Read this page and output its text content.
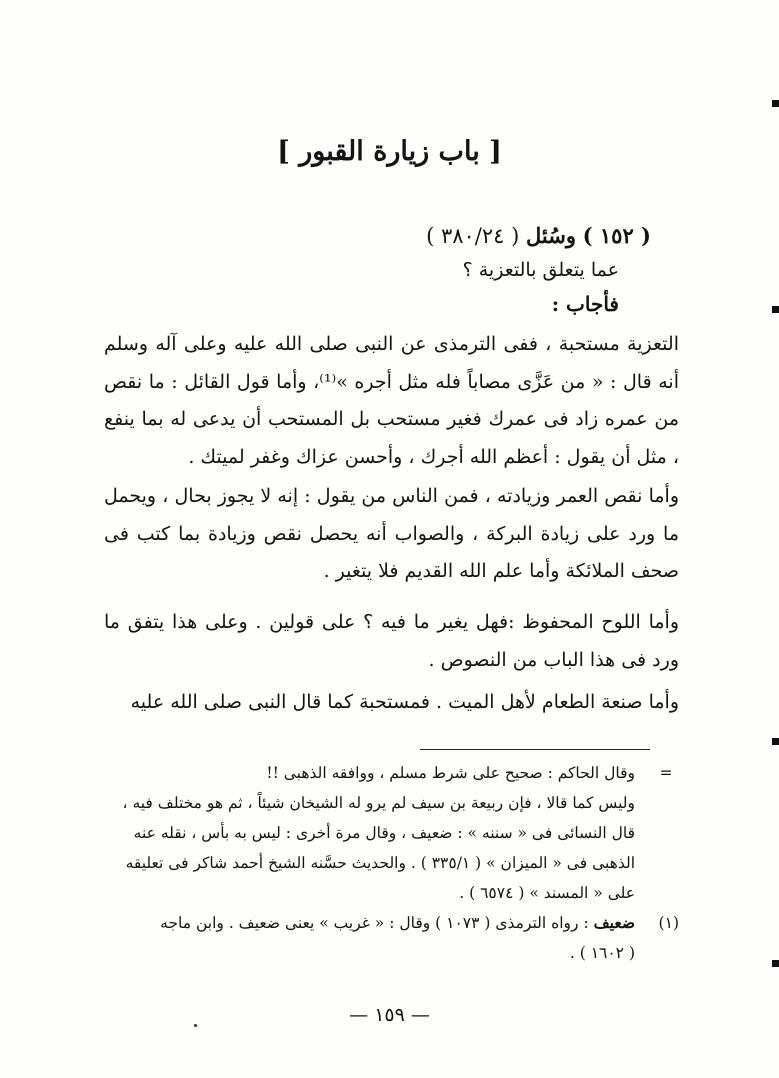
[ باب زيارة القبور ]
( ١٥٢ ) وسُئل ( ٣٨٠/٢٤ )
عما يتعلق بالتعزية ؟
فأجاب :
التعزية مستحبة ، ففى الترمذى عن النبى صلى الله عليه وعلى آله وسلم أنه قال : « من عَزَّى مصاباً فله مثل أجره »⁽¹⁾، وأما قول القائل : ما نقص من عمره زاد فى عمرك فغير مستحب بل المستحب أن يدعى له بما ينفع ، مثل أن يقول : أعظم الله أجرك ، وأحسن عزاك وغفر لميتك .
وأما نقص العمر وزيادته ، فمن الناس من يقول : إنه لا يجوز بحال ، ويحمل ما ورد على زيادة البركة ، والصواب أنه يحصل نقص وزيادة بما كتب فى صحف الملائكة وأما علم الله القديم فلا يتغير .
وأما اللوح المحفوظ :فهل يغير ما فيه ؟ على قولين . وعلى هذا يتفق ما ورد فى هذا الباب من النصوص .
وأما صنعة الطعام لأهل الميت . فمستحبة كما قال النبى صلى الله عليه
=
وقال الحاكم : صحيح على شرط مسلم ، ووافقه الذهبى !!
وليس كما قالا ، فإن ربيعة بن سيف لم يرو له الشيخان شيئاً ، ثم هو مختلف فيه ،
قال النسائى فى « سننه » : ضعيف ، وقال مرة أخرى : ليس به بأس ، نقله عنه
الذهبى فى « الميزان » ( ٣٣٥/١ ) . والحديث حسَّنه الشيخ أحمد شاكر فى تعليقه
على « المسند » ( ٦٥٧٤ ) .
(١)
ضعيف : رواه الترمذى ( ١٠٧٣ ) وقال : « غريب » يعنى ضعيف . وابن ماجه
( ١٦٠٢ ) .
— ١٥٩ —
